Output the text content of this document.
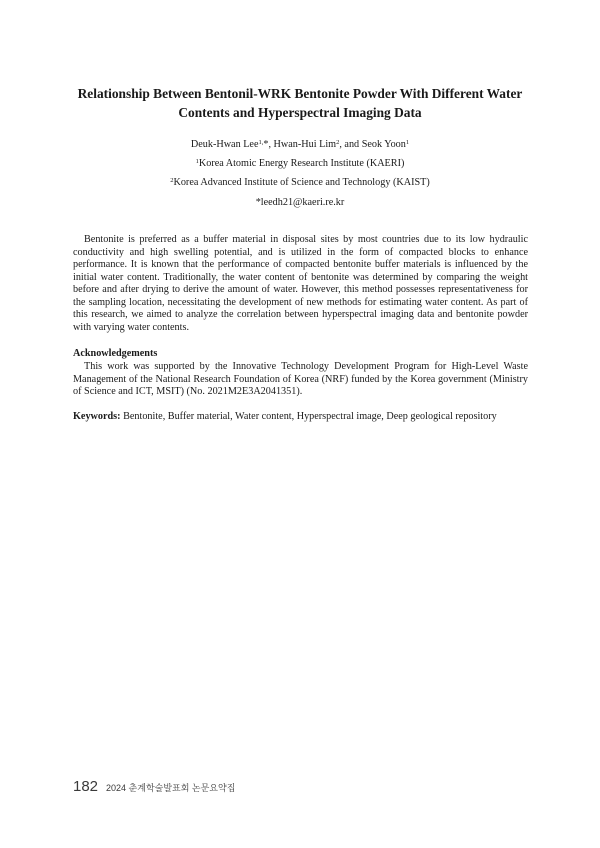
Relationship Between Bentonil-WRK Bentonite Powder With Different Water
Contents and Hyperspectral Imaging Data
Deuk-Hwan Lee$^{1,}$*, Hwan-Hui Lim$^2$, and Seok Yoon$^1$
$^1$Korea Atomic Energy Research Institute (KAERI)
$^2$Korea Advanced Institute of Science and Technology (KAIST)
*leedh21@kaeri.re.kr

Bentonite is preferred as a buffer material in disposal sites by most countries due to its low hydraulic conductivity and high swelling potential, and is utilized in the form of compacted blocks to enhance performance. It is known that the performance of compacted bentonite buffer materials is influenced by the initial water content. Traditionally, the water content of bentonite was determined by comparing the weight before and after drying to derive the amount of water. However, this method possesses representativeness for the sampling location, necessitating the development of new methods for estimating water content. As part of this research, we aimed to analyze the correlation between hyperspectral imaging data and bentonite powder with varying water contents.

Acknowledgements

This work was supported by the Innovative Technology Development Program for High-Level Waste Management of the National Research Foundation of Korea (NRF) funded by the Korea government (Ministry of Science and ICT, MSIT) (No. 2021M2E3A2041351).

Keywords: Bentonite, Buffer material, Water content, Hyperspectral image, Deep geological repository
182 2024 춘계학술발표회 논문요약집
